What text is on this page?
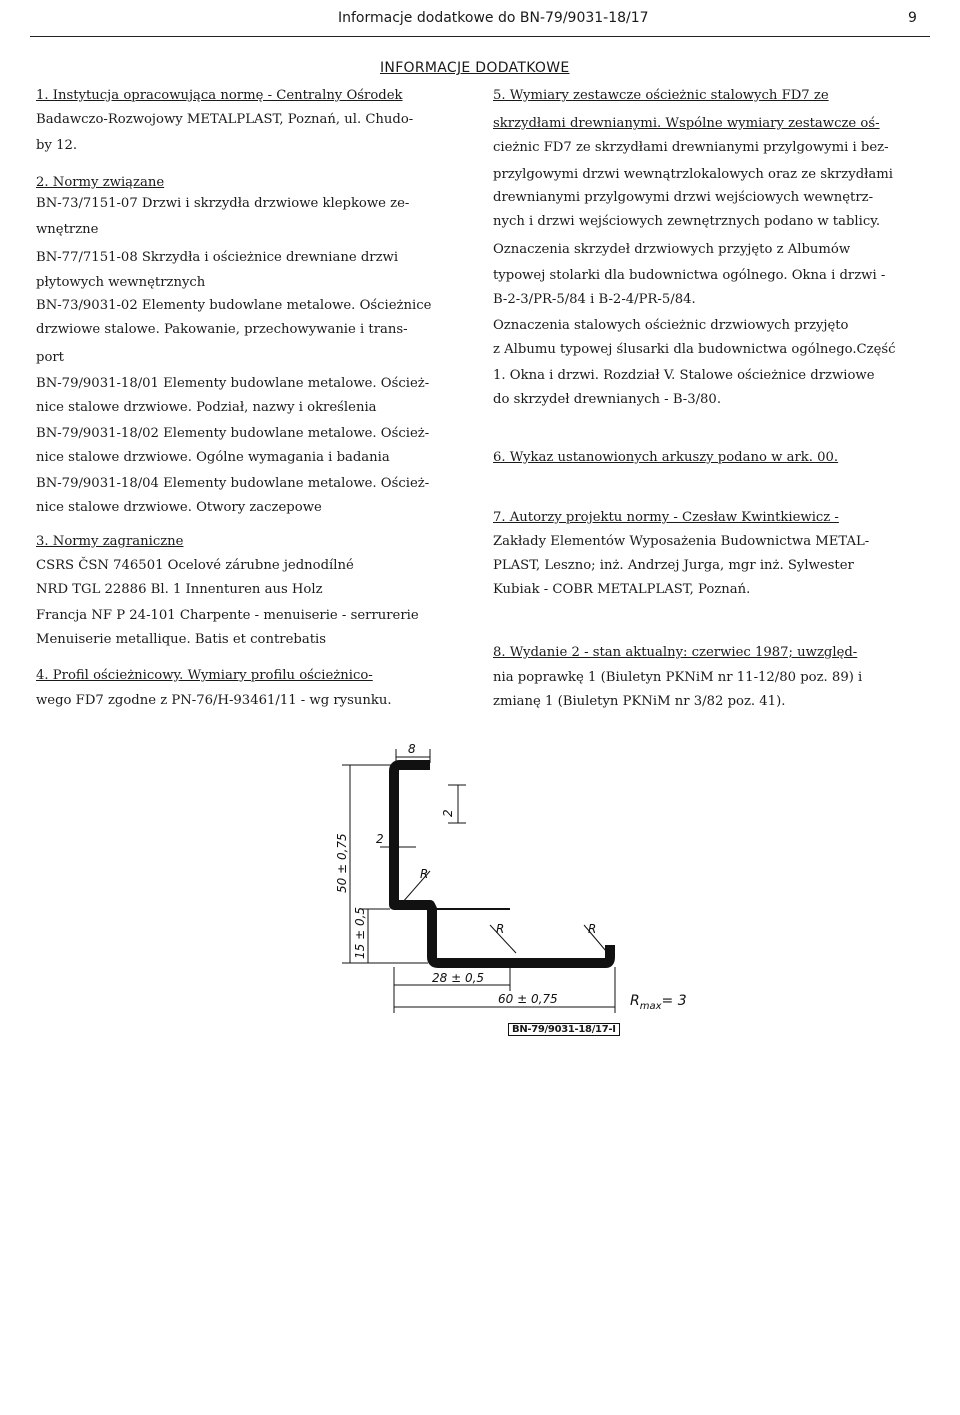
Informacje dodatkowe do BN-79/9031-18/17	9
INFORMACJE DODATKOWE
1. Instytucja opracowująca normę - Centralny Ośrodek
Badawczo-Rozwojowy METALPLAST, Poznań, ul. Chudo-
by 12.
2. Normy związane
BN-73/7151-07 Drzwi i skrzydła drzwiowe klepkowe ze-
wnętrzne
BN-77/7151-08 Skrzydła i ościeżnice drewniane drzwi
płytowych wewnętrznych
BN-73/9031-02 Elementy budowlane metalowe. Ościeżnice
drzwiowe stalowe. Pakowanie, przechowywanie i trans-
port
BN-79/9031-18/01 Elementy budowlane metalowe. Oścież-
nice stalowe drzwiowe. Podział, nazwy i określenia
BN-79/9031-18/02 Elementy budowlane metalowe. Oścież-
nice stalowe drzwiowe. Ogólne wymagania i badania
BN-79/9031-18/04 Elementy budowlane metalowe. Oścież-
nice stalowe drzwiowe. Otwory zaczepowe
3. Normy zagraniczne
CSRS ČSN 746501 Ocelové zárubne jednodílné
NRD TGL 22886 Bl. 1 Innenturen aus Holz
Francja NF P 24-101 Charpente - menuiserie - serrurerie
Menuiserie metallique. Batis et contrebatis
4. Profil ościeżnicowy. Wymiary profilu ościeżnico-
wego FD7 zgodne z PN-76/H-93461/11 - wg rysunku.
5. Wymiary zestawcze ościeżnic stalowych FD7 ze
skrzydłami drewnianymi. Wspólne wymiary zestawcze oś-
cieżnic FD7 ze skrzydłami drewnianymi przylgowymi i bez-
przylgowymi drzwi wewnątrzlokalowych oraz ze skrzydłami
drewnianymi przylgowymi drzwi wejściowych wewnętrz-
nych i drzwi wejściowych zewnętrznych podano w tablicy.
Oznaczenia skrzydeł drzwiowych przyjęto z Albumów
typowej stolarki dla budownictwa ogólnego. Okna i drzwi -
B-2-3/PR-5/84 i B-2-4/PR-5/84.
Oznaczenia stalowych ościeżnic drzwiowych przyjęto
z Albumu typowej ślusarki dla budownictwa ogólnego.Część
1. Okna i drzwi. Rozdział V. Stalowe ościeżnice drzwiowe
do skrzydeł drewnianych - B-3/80.
6. Wykaz ustanowionych arkuszy podano w ark. 00.
7. Autorzy projektu normy - Czesław Kwintkiewicz -
Zakłady Elementów Wyposażenia Budownictwa METAL-
PLAST, Leszno; inż. Andrzej Jurga, mgr inż. Sylwester
Kubiak - COBR METALPLAST, Poznań.
8. Wydanie 2 - stan aktualny: czerwiec 1987; uwzględ-
nia poprawkę 1 (Biuletyn PKNiM nr 11-12/80 poz. 89) i
zmianę 1 (Biuletyn PKNiM nr 3/82 poz. 41).
8
2
2
R
R	R
50 ± 0,75
15 ± 0,5
28 ± 0,5
60 ± 0,75	$R_{max}= 3$
BN-79/9031-18/17-I
